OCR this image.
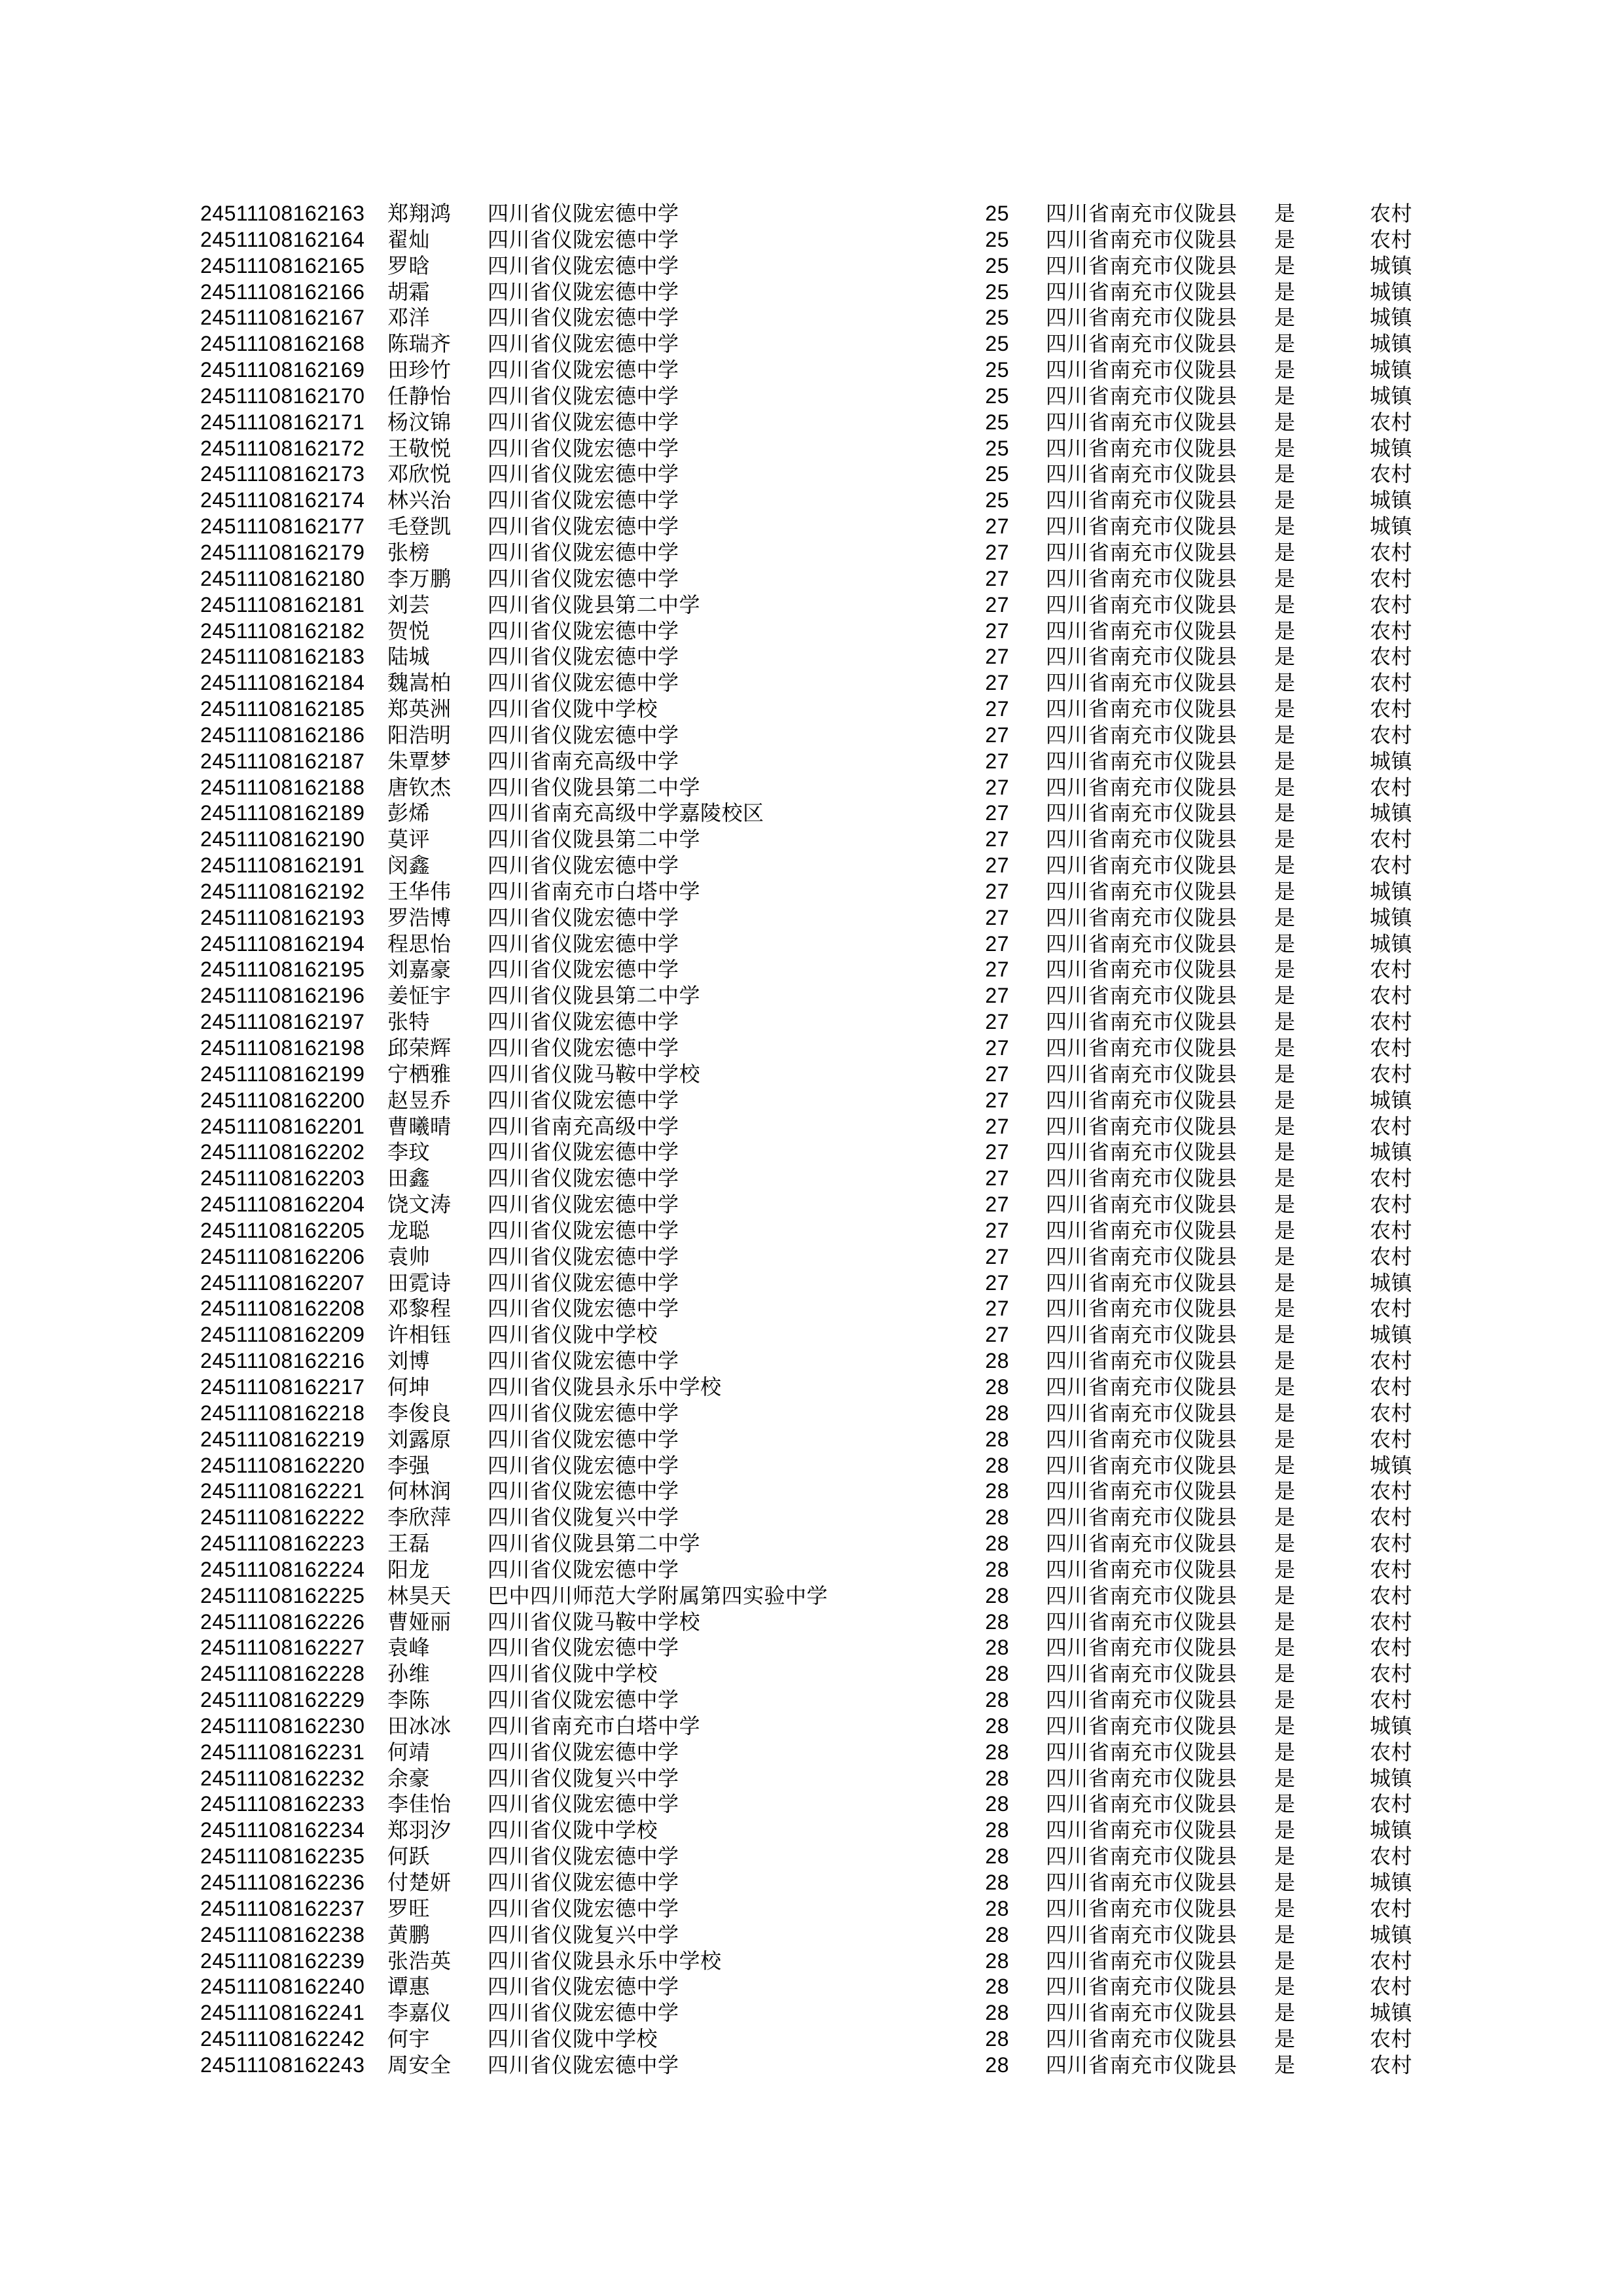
24511108162163 郑翔鸿 四川省仪陇宏德中学	25 四川省南充市仪陇县 是	农村
24511108162164 翟灿	四川省仪陇宏德中学	25 四川省南充市仪陇县 是	农村
24511108162165 罗晗	四川省仪陇宏德中学	25 四川省南充市仪陇县 是	城镇
24511108162166 胡霜	四川省仪陇宏德中学	25 四川省南充市仪陇县 是	城镇
24511108162167 邓洋	四川省仪陇宏德中学	25 四川省南充市仪陇县 是	城镇
24511108162168 陈瑞齐 四川省仪陇宏德中学	25 四川省南充市仪陇县 是	城镇
24511108162169 田珍竹 四川省仪陇宏德中学	25 四川省南充市仪陇县 是	城镇
24511108162170 任静怡 四川省仪陇宏德中学	25 四川省南充市仪陇县 是	城镇
24511108162171 杨汶锦 四川省仪陇宏德中学	25 四川省南充市仪陇县 是	农村
24511108162172 王敬悦 四川省仪陇宏德中学	25 四川省南充市仪陇县 是	城镇
24511108162173 邓欣悦 四川省仪陇宏德中学	25 四川省南充市仪陇县 是	农村
24511108162174 林兴治 四川省仪陇宏德中学	25 四川省南充市仪陇县 是	城镇
24511108162177 毛登凯 四川省仪陇宏德中学	27 四川省南充市仪陇县 是	城镇
24511108162179 张榜	四川省仪陇宏德中学	27 四川省南充市仪陇县 是	农村
24511108162180 李万鹏 四川省仪陇宏德中学	27 四川省南充市仪陇县 是	农村
24511108162181 刘芸	四川省仪陇县第二中学	27 四川省南充市仪陇县 是	农村
24511108162182 贺悦	四川省仪陇宏德中学	27 四川省南充市仪陇县 是	农村
24511108162183 陆城	四川省仪陇宏德中学	27 四川省南充市仪陇县 是	农村
24511108162184 魏嵩柏 四川省仪陇宏德中学	27 四川省南充市仪陇县 是	农村
24511108162185 郑英洲 四川省仪陇中学校	27 四川省南充市仪陇县 是	农村
24511108162186 阳浩明 四川省仪陇宏德中学	27 四川省南充市仪陇县 是	农村
24511108162187 朱覃梦 四川省南充高级中学	27 四川省南充市仪陇县 是	城镇
24511108162188 唐钦杰 四川省仪陇县第二中学	27 四川省南充市仪陇县 是	农村
24511108162189 彭烯	四川省南充高级中学嘉陵校区	27 四川省南充市仪陇县 是	城镇
24511108162190 莫评	四川省仪陇县第二中学	27 四川省南充市仪陇县 是	农村
24511108162191 闵鑫	四川省仪陇宏德中学	27 四川省南充市仪陇县 是	农村
24511108162192 王华伟 四川省南充市白塔中学	27 四川省南充市仪陇县 是	城镇
24511108162193 罗浩博 四川省仪陇宏德中学	27 四川省南充市仪陇县 是	城镇
24511108162194 程思怡 四川省仪陇宏德中学	27 四川省南充市仪陇县 是	城镇
24511108162195 刘嘉豪 四川省仪陇宏德中学	27 四川省南充市仪陇县 是	农村
24511108162196 姜怔宇 四川省仪陇县第二中学	27 四川省南充市仪陇县 是	农村
24511108162197 张特	四川省仪陇宏德中学	27 四川省南充市仪陇县 是	农村
24511108162198 邱荣辉 四川省仪陇宏德中学	27 四川省南充市仪陇县 是	农村
24511108162199 宁栖雅 四川省仪陇马鞍中学校	27 四川省南充市仪陇县 是	农村
24511108162200 赵昱乔 四川省仪陇宏德中学	27 四川省南充市仪陇县 是	城镇
24511108162201 曹曦晴 四川省南充高级中学	27 四川省南充市仪陇县 是	农村
24511108162202 李玟	四川省仪陇宏德中学	27 四川省南充市仪陇县 是	城镇
24511108162203 田鑫	四川省仪陇宏德中学	27 四川省南充市仪陇县 是	农村
24511108162204 饶文涛 四川省仪陇宏德中学	27 四川省南充市仪陇县 是	农村
24511108162205 龙聪	四川省仪陇宏德中学	27 四川省南充市仪陇县 是	农村
24511108162206 袁帅	四川省仪陇宏德中学	27 四川省南充市仪陇县 是	农村
24511108162207 田霓诗 四川省仪陇宏德中学	27 四川省南充市仪陇县 是	城镇
24511108162208 邓黎程 四川省仪陇宏德中学	27 四川省南充市仪陇县 是	农村
24511108162209 许相钰 四川省仪陇中学校	27 四川省南充市仪陇县 是	城镇
24511108162216 刘博	四川省仪陇宏德中学	28 四川省南充市仪陇县 是	农村
24511108162217 何坤	四川省仪陇县永乐中学校	28 四川省南充市仪陇县 是	农村
24511108162218 李俊良 四川省仪陇宏德中学	28 四川省南充市仪陇县 是	农村
24511108162219 刘露原 四川省仪陇宏德中学	28 四川省南充市仪陇县 是	农村
24511108162220 李强	四川省仪陇宏德中学	28 四川省南充市仪陇县 是	城镇
24511108162221 何林润 四川省仪陇宏德中学	28 四川省南充市仪陇县 是	农村
24511108162222 李欣萍 四川省仪陇复兴中学	28 四川省南充市仪陇县 是	农村
24511108162223 王磊	四川省仪陇县第二中学	28 四川省南充市仪陇县 是	农村
24511108162224 阳龙	四川省仪陇宏德中学	28 四川省南充市仪陇县 是	农村
24511108162225 林昊天 巴中四川师范大学附属第四实验中学	28 四川省南充市仪陇县 是	农村
24511108162226 曹娅丽 四川省仪陇马鞍中学校	28 四川省南充市仪陇县 是	农村
24511108162227 袁峰	四川省仪陇宏德中学	28 四川省南充市仪陇县 是	农村
24511108162228 孙维	四川省仪陇中学校	28 四川省南充市仪陇县 是	农村
24511108162229 李陈	四川省仪陇宏德中学	28 四川省南充市仪陇县 是	农村
24511108162230 田冰冰 四川省南充市白塔中学	28 四川省南充市仪陇县 是	城镇
24511108162231 何靖	四川省仪陇宏德中学	28 四川省南充市仪陇县 是	农村
24511108162232 余豪	四川省仪陇复兴中学	28 四川省南充市仪陇县 是	城镇
24511108162233 李佳怡 四川省仪陇宏德中学	28 四川省南充市仪陇县 是	农村
24511108162234 郑羽汐 四川省仪陇中学校	28 四川省南充市仪陇县 是	城镇
24511108162235 何跃	四川省仪陇宏德中学	28 四川省南充市仪陇县 是	农村
24511108162236 付楚妍 四川省仪陇宏德中学	28 四川省南充市仪陇县 是	城镇
24511108162237 罗旺	四川省仪陇宏德中学	28 四川省南充市仪陇县 是	农村
24511108162238 黄鹏	四川省仪陇复兴中学	28 四川省南充市仪陇县 是	城镇
24511108162239 张浩英 四川省仪陇县永乐中学校	28 四川省南充市仪陇县 是	农村
24511108162240 谭惠	四川省仪陇宏德中学	28 四川省南充市仪陇县 是	农村
24511108162241 李嘉仪 四川省仪陇宏德中学	28 四川省南充市仪陇县 是	城镇
24511108162242 何宇	四川省仪陇中学校	28 四川省南充市仪陇县 是	农村
24511108162243 周安全 四川省仪陇宏德中学	28 四川省南充市仪陇县 是	农村
